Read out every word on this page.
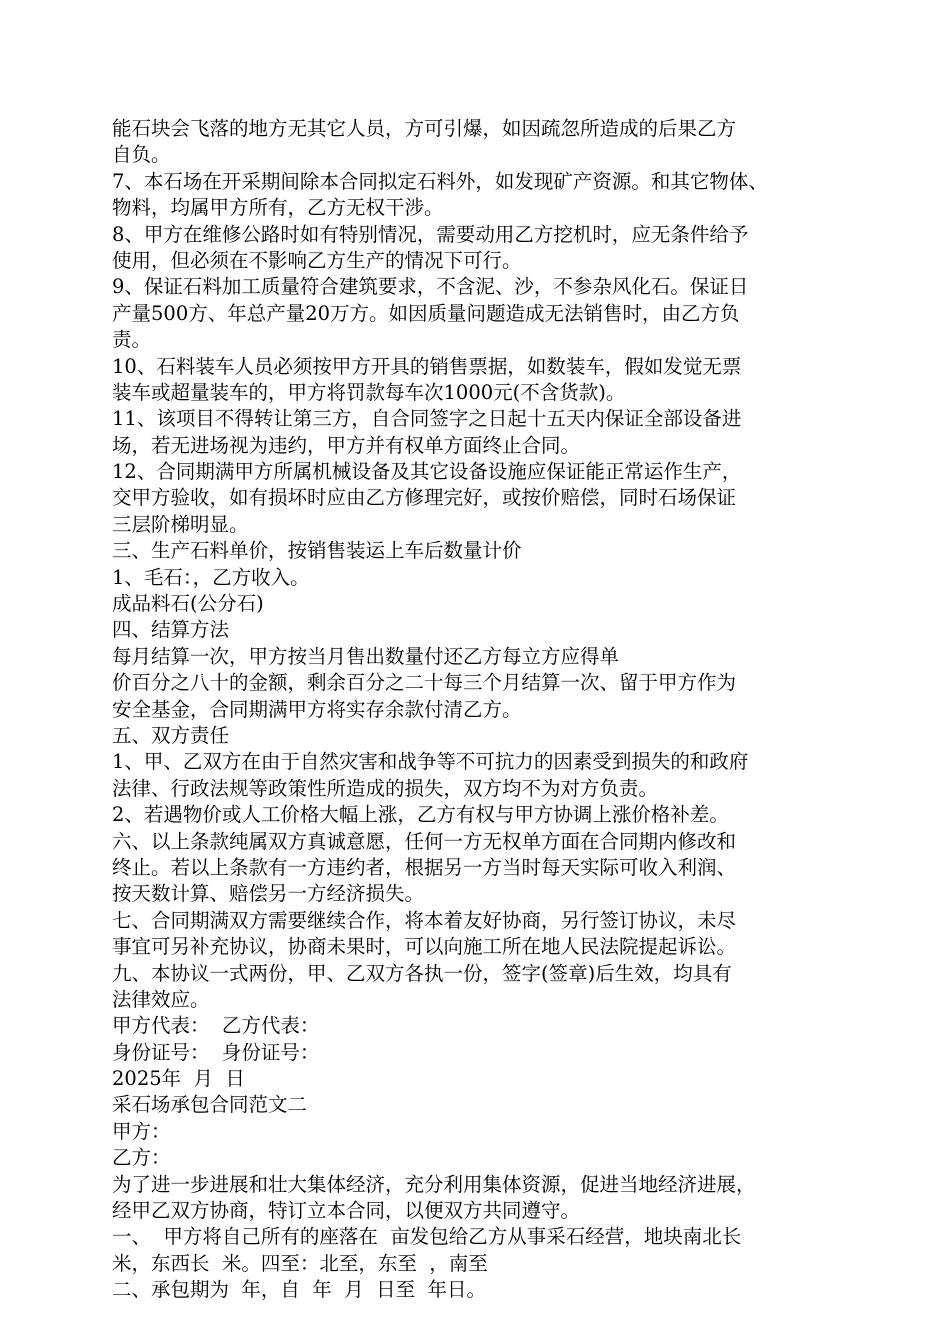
能石块会飞落的地方无其它人员，方可引爆，如因疏忽所造成的后果乙方
自负。
7、本石场在开采期间除本合同拟定石料外，如发现矿产资源。和其它物体、
物料，均属甲方所有，乙方无权干涉。
8、甲方在维修公路时如有特别情况，需要动用乙方挖机时，应无条件给予
使用，但必须在不影响乙方生产的情况下可行。
9、保证石料加工质量符合建筑要求，不含泥、沙，不参杂风化石。保证日
产量500方、年总产量20万方。如因质量问题造成无法销售时，由乙方负
责。
10、石料装车人员必须按甲方开具的销售票据，如数装车，假如发觉无票
装车或超量装车的，甲方将罚款每车次1000元(不含货款)。
11、该项目不得转让第三方，自合同签字之日起十五天内保证全部设备进
场，若无进场视为违约，甲方并有权单方面终止合同。
12、合同期满甲方所属机械设备及其它设备设施应保证能正常运作生产，
交甲方验收，如有损坏时应由乙方修理完好，或按价赔偿，同时石场保证
三层阶梯明显。
三、生产石料单价，按销售装运上车后数量计价
1、毛石：，乙方收入。
成品料石(公分石)
四、结算方法
每月结算一次，甲方按当月售出数量付还乙方每立方应得单
价百分之八十的金额，剩余百分之二十每三个月结算一次、留于甲方作为
安全基金，合同期满甲方将实存余款付清乙方。
五、双方责任
1、甲、乙双方在由于自然灾害和战争等不可抗力的因素受到损失的和政府
法律、行政法规等政策性所造成的损失，双方均不为对方负责。
2、若遇物价或人工价格大幅上涨，乙方有权与甲方协调上涨价格补差。
六、以上条款纯属双方真诚意愿，任何一方无权单方面在合同期内修改和
终止。若以上条款有一方违约者，根据另一方当时每天实际可收入利润、
按天数计算、赔偿另一方经济损失。
七、合同期满双方需要继续合作，将本着友好协商，另行签订协议，未尽
事宜可另补充协议，协商未果时，可以向施工所在地人民法院提起诉讼。
九、本协议一式两份，甲、乙双方各执一份，签字(签章)后生效，均具有
法律效应。
甲方代表：  乙方代表：
身份证号：  身份证号：
2025年  月  日
采石场承包合同范文二
甲方：
乙方：
为了进一步进展和壮大集体经济，充分利用集体资源，促进当地经济进展，
经甲乙双方协商，特订立本合同，以便双方共同遵守。
一、  甲方将自己所有的座落在  亩发包给乙方从事采石经营，地块南北长
米，东西长  米。四至：北至，东至  ，南至
二、承包期为  年，自  年  月  日至  年日。
